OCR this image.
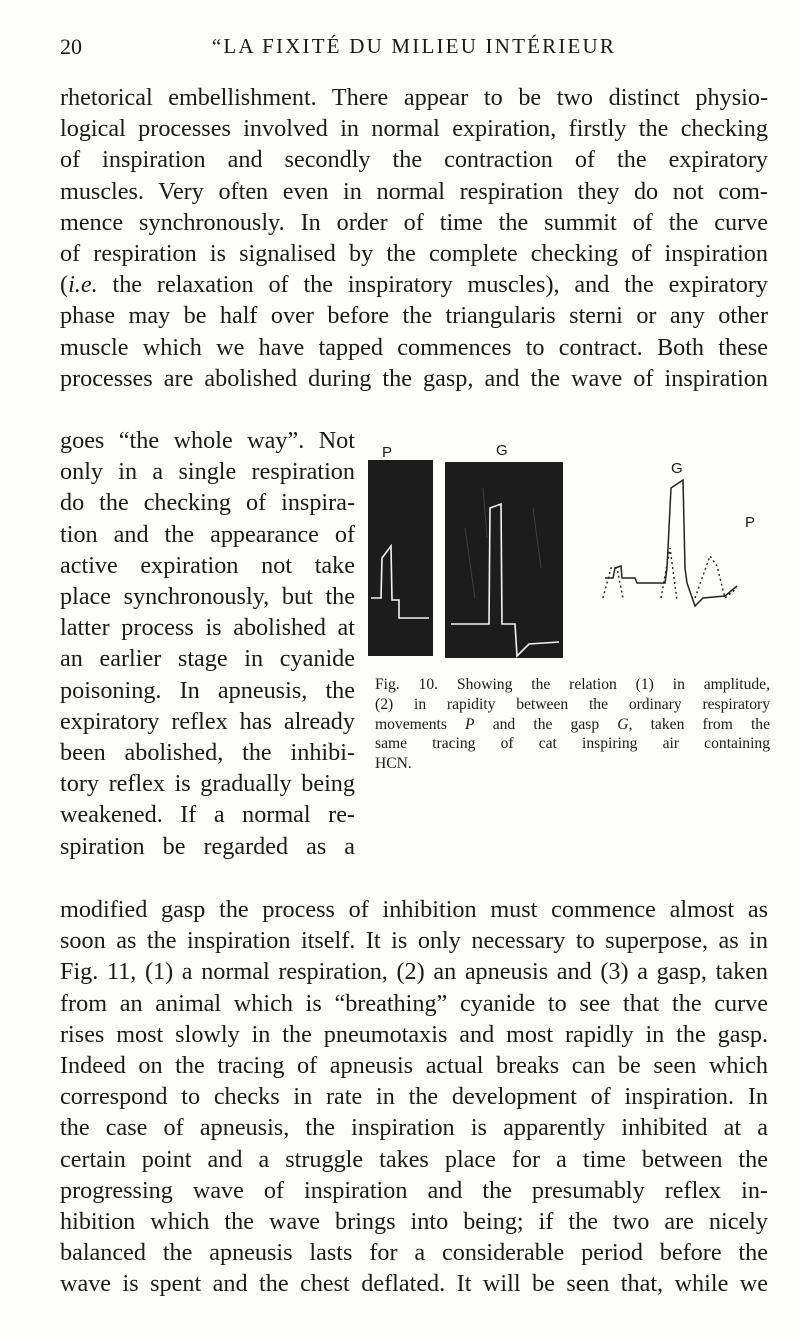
20	“LA FIXITÉ DU MILIEU INTÉRIEUR

rhetorical embellishment. There appear to be two distinct physio-
logical processes involved in normal expiration, firstly the checking
of inspiration and secondly the contraction of the expiratory
muscles. Very often even in normal respiration they do not com-
mence synchronously. In order of time the summit of the curve
of respiration is signalised by the complete checking of inspiration
(i.e. the relaxation of the inspiratory muscles), and the expiratory
phase may be half over before the triangularis sterni or any other
muscle which we have tapped commences to contract. Both these
processes are abolished during the gasp, and the wave of inspiration

goes “the whole way”. Not
only in a single respiration
do the checking of inspira-
tion and the appearance of
active expiration not take
place synchronously, but the
latter process is abolished at
an earlier stage in cyanide
poisoning. In apneusis, the
expiratory reflex has already
been abolished, the inhibi-
tory reflex is gradually being
weakened. If a normal re-
spiration be regarded as a

P	G
G
P
Fig. 10. Showing the relation (1) in amplitude,
(2) in rapidity between the ordinary respiratory
movements P and the gasp G, taken from the
same tracing of cat inspiring air containing
HCN.

modified gasp the process of inhibition must commence almost as
soon as the inspiration itself. It is only necessary to superpose, as in
Fig. 11, (1) a normal respiration, (2) an apneusis and (3) a gasp, taken
from an animal which is “breathing” cyanide to see that the curve
rises most slowly in the pneumotaxis and most rapidly in the gasp.
Indeed on the tracing of apneusis actual breaks can be seen which
correspond to checks in rate in the development of inspiration. In
the case of apneusis, the inspiration is apparently inhibited at a
certain point and a struggle takes place for a time between the
progressing wave of inspiration and the presumably reflex in-
hibition which the wave brings into being; if the two are nicely
balanced the apneusis lasts for a considerable period before the
wave is spent and the chest deflated. It will be seen that, while we
